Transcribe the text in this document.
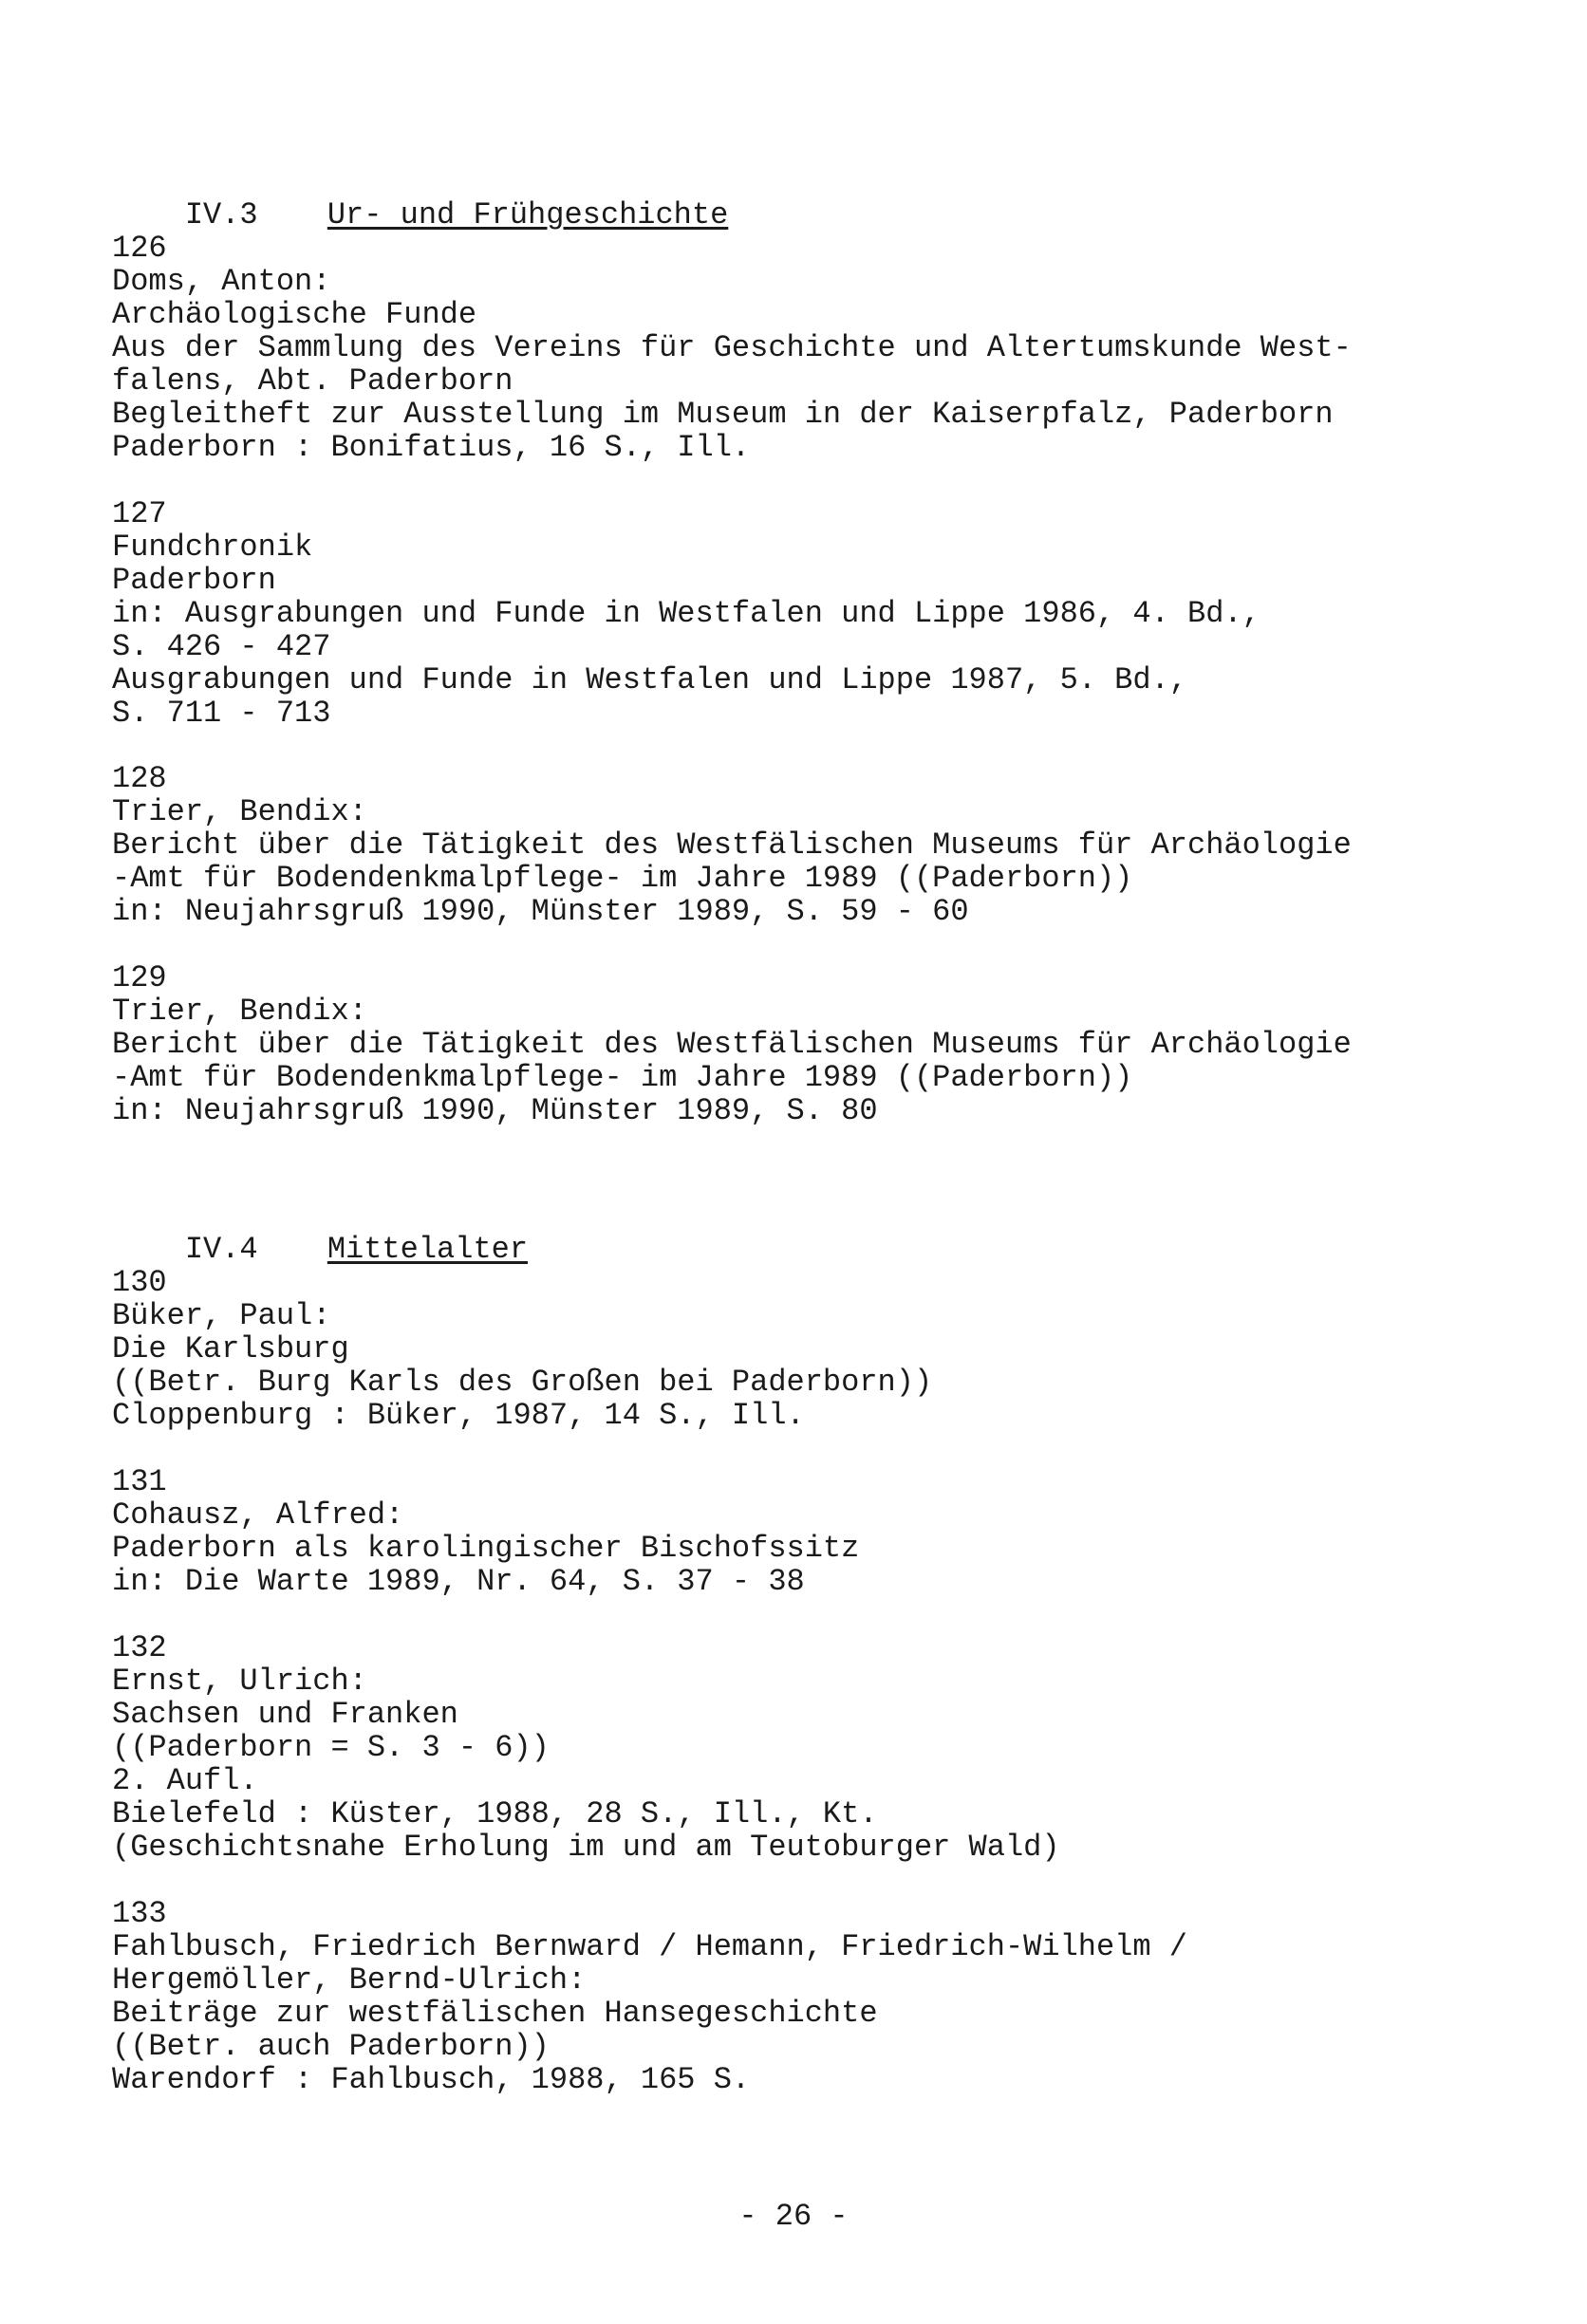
IV.3 Ur- und Frühgeschichte

126
Doms, Anton:
Archäologische Funde
Aus der Sammlung des Vereins für Geschichte und Altertumskunde West-
falens, Abt. Paderborn
Begleitheft zur Ausstellung im Museum in der Kaiserpfalz, Paderborn
Paderborn : Bonifatius, 16 S., Ill.
127
Fundchronik
Paderborn
in: Ausgrabungen und Funde in Westfalen und Lippe 1986, 4. Bd.,
S. 426 - 427
Ausgrabungen und Funde in Westfalen und Lippe 1987, 5. Bd.,
S. 711 - 713
128
Trier, Bendix:
Bericht über die Tätigkeit des Westfälischen Museums für Archäologie
-Amt für Bodendenkmalpflege- im Jahre 1989 ((Paderborn))
in: Neujahrsgruß 1990, Münster 1989, S. 59 - 60
129
Trier, Bendix:
Bericht über die Tätigkeit des Westfälischen Museums für Archäologie
-Amt für Bodendenkmalpflege- im Jahre 1989 ((Paderborn))
in: Neujahrsgruß 1990, Münster 1989, S. 80

IV.4 Mittelalter

130
Büker, Paul:
Die Karlsburg
((Betr. Burg Karls des Großen bei Paderborn))
Cloppenburg : Büker, 1987, 14 S., Ill.
131
Cohausz, Alfred:
Paderborn als karolingischer Bischofssitz
in: Die Warte 1989, Nr. 64, S. 37 - 38
132
Ernst, Ulrich:
Sachsen und Franken
((Paderborn = S. 3 - 6))
2. Aufl.
Bielefeld : Küster, 1988, 28 S., Ill., Kt.
(Geschichtsnahe Erholung im und am Teutoburger Wald)
133
Fahlbusch, Friedrich Bernward / Hemann, Friedrich-Wilhelm /
Hergemöller, Bernd-Ulrich:
Beiträge zur westfälischen Hansegeschichte
((Betr. auch Paderborn))
Warendorf : Fahlbusch, 1988, 165 S.
- 26 -
